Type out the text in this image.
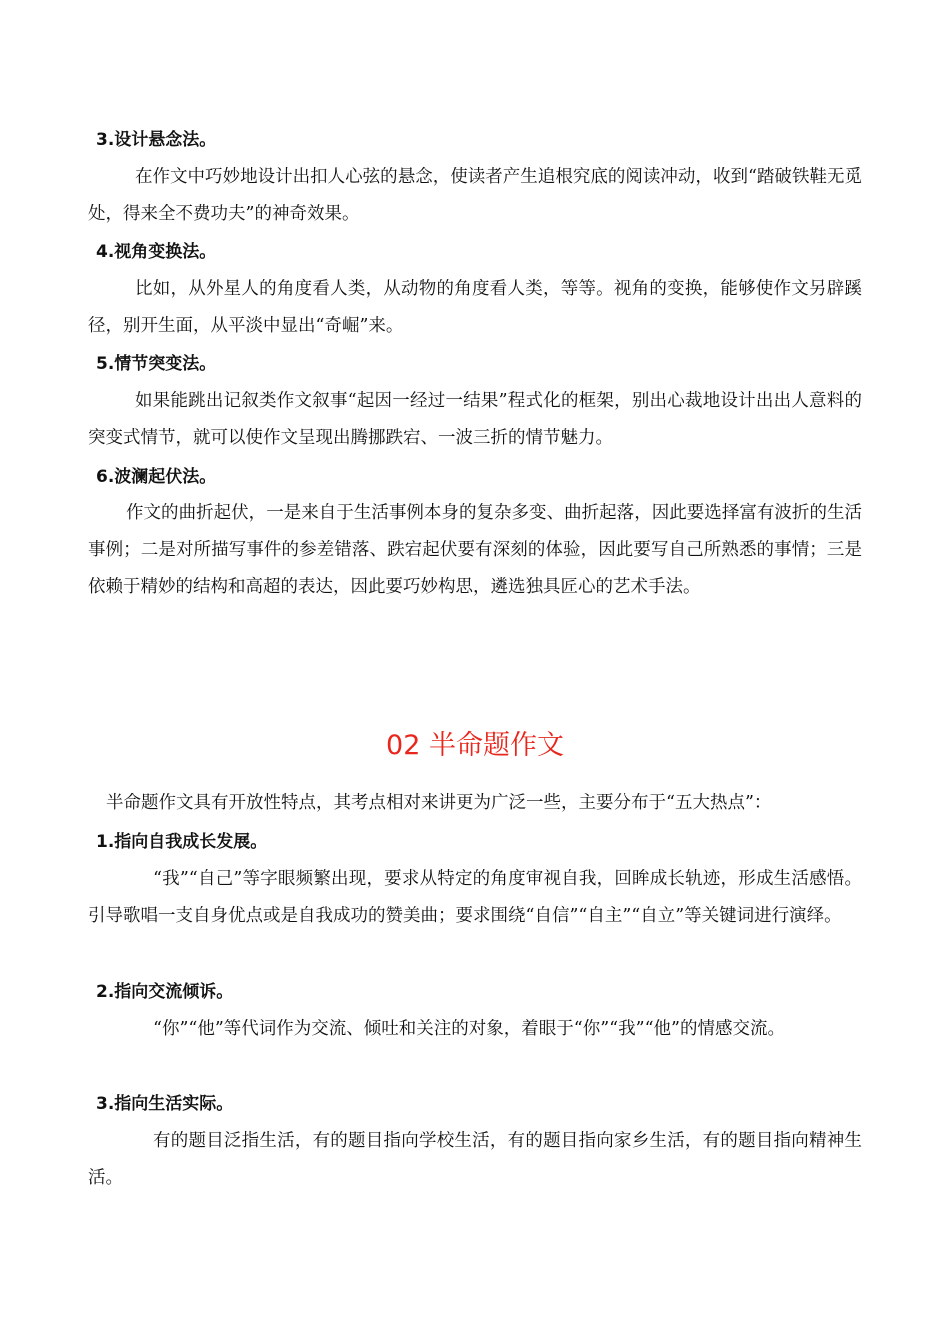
3.设计悬念法。

在作文中巧妙地设计出扣人心弦的悬念，使读者产生追根究底的阅读冲动，收到“踏破铁鞋无觅处，得来全不费功夫”的神奇效果。

4.视角变换法。

比如，从外星人的角度看人类，从动物的角度看人类，等等。视角的变换，能够使作文另辟蹊径，别开生面，从平淡中显出“奇崛”来。

5.情节突变法。

如果能跳出记叙类作文叙事“起因一经过一结果”程式化的框架，别出心裁地设计出出人意料的突变式情节，就可以使作文呈现出腾挪跌宕、一波三折的情节魅力。

6.波澜起伏法。

作文的曲折起伏，一是来自于生活事例本身的复杂多变、曲折起落，因此要选择富有波折的生活事例；二是对所描写事件的参差错落、跌宕起伏要有深刻的体验，因此要写自己所熟悉的事情；三是依赖于精妙的结构和高超的表达，因此要巧妙构思，遴选独具匠心的艺术手法。

02 半命题作文

半命题作文具有开放性特点，其考点相对来讲更为广泛一些，主要分布于“五大热点”：

1.指向自我成长发展。

“我”“自己”等字眼频繁出现，要求从特定的角度审视自我，回眸成长轨迹，形成生活感悟。引导歌唱一支自身优点或是自我成功的赞美曲；要求围绕“自信”“自主”“自立”等关键词进行演绎。

2.指向交流倾诉。

“你”“他”等代词作为交流、倾吐和关注的对象，着眼于“你”“我”“他”的情感交流。

3.指向生活实际。

有的题目泛指生活，有的题目指向学校生活，有的题目指向家乡生活，有的题目指向精神生活。
